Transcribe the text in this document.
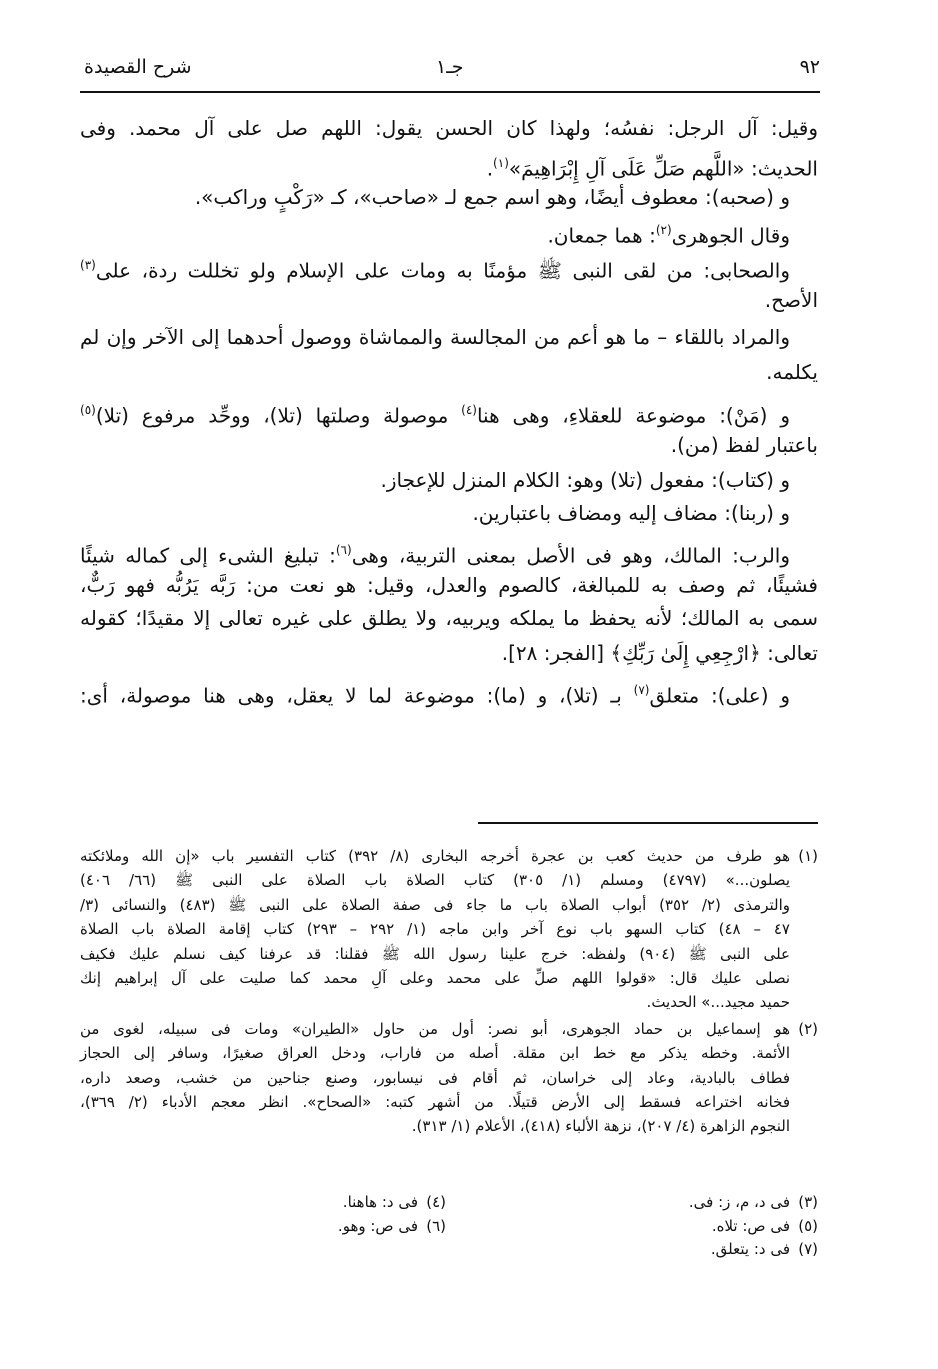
٩٢
جـ١
شرح القصيدة
وقيل: آل الرجل: نفسُه؛ ولهذا كان الحسن يقول: اللهم صل على آل محمد. وفى
الحديث: «اللَّهم صَلِّ عَلَى آلِ إِبْرَاهِيمَ»$^{(١)}$.
و (صحبه): معطوف أيضًا، وهو اسم جمع لـ «صاحب»، كـ «رَكْبٍ وراكب».
وقال الجوهرى$^{(٢)}$: هما جمعان.
والصحابى: من لقى النبى ﷺ مؤمنًا به ومات على الإسلام ولو تخللت ردة، على$^{(٣)}$
الأصح.
والمراد باللقاء – ما هو أعم من المجالسة والمماشاة ووصول أحدهما إلى الآخر وإن لم
يكلمه.
و (مَنْ): موضوعة للعقلاءِ، وهى هنا$^{(٤)}$ موصولة وصلتها (تلا)، ووحِّد مرفوع (تلا)$^{(٥)}$
باعتبار لفظ (من).
و (كتاب): مفعول (تلا) وهو: الكلام المنزل للإعجاز.
و (ربنا): مضاف إليه ومضاف باعتبارين.
والرب: المالك، وهو فى الأصل بمعنى التربية، وهى$^{(٦)}$: تبليغ الشىء إلى كماله شيئًا
فشيئًا، ثم وصف به للمبالغة، كالصوم والعدل، وقيل: هو نعت من: رَبَّه يَرُبُّه فهو رَبٌّ،
سمى به المالك؛ لأنه يحفظ ما يملكه ويربيه، ولا يطلق على غيره تعالى إلا مقيدًا؛ كقوله
تعالى: ﴿ارْجِعِي إِلَىٰ رَبِّكِ﴾ [الفجر: ٢٨].
و (على): متعلق$^{(٧)}$ بـ (تلا)، و (ما): موضوعة لما لا يعقل، وهى هنا موصولة، أى:
(١)
هو طرف من حديث كعب بن عجرة أخرجه البخارى (٨/ ٣٩٢) كتاب التفسير باب «إن الله وملائكته
يصلون...» (٤٧٩٧) ومسلم (١/ ٣٠٥) كتاب الصلاة باب الصلاة على النبى ﷺ (٦٦/ ٤٠٦)
والترمذى (٢/ ٣٥٢) أبواب الصلاة باب ما جاء فى صفة الصلاة على النبى ﷺ (٤٨٣) والنسائى (٣/
٤٧ – ٤٨) كتاب السهو باب نوع آخر وابن ماجه (١/ ٢٩٢ – ٢٩٣) كتاب إقامة الصلاة باب الصلاة
على النبى ﷺ (٩٠٤) ولفظه: خرج علينا رسول الله ﷺ فقلنا: قد عرفنا كيف نسلم عليك فكيف
نصلى عليك قال: «قولوا اللهم صلِّ على محمد وعلى آلِ محمد كما صليت على آل إبراهيم إنك
حميد مجيد...» الحديث.
(٢)
هو إسماعيل بن حماد الجوهرى، أبو نصر: أول من حاول «الطيران» ومات فى سبيله، لغوى من
الأئمة. وخطه يذكر مع خط ابن مقلة. أصله من فاراب، ودخل العراق صغيرًا، وسافر إلى الحجاز
فطاف بالبادية، وعاد إلى خراسان، ثم أقام فى نيسابور، وصنع جناحين من خشب، وصعد داره،
فخانه اختراعه فسقط إلى الأرض قتيلًا. من أشهر كتبه: «الصحاح». انظر معجم الأدباء (٢/ ٣٦٩)،
النجوم الزاهرة (٤/ ٢٠٧)، نزهة الألباء (٤١٨)، الأعلام (١/ ٣١٣).
(٣)
فى د، م، ز: فى.
(٤)
فى د: هاهنا.
(٥)
فى ص: تلاه.
(٦)
فى ص: وهو.
(٧)
فى د: يتعلق.
